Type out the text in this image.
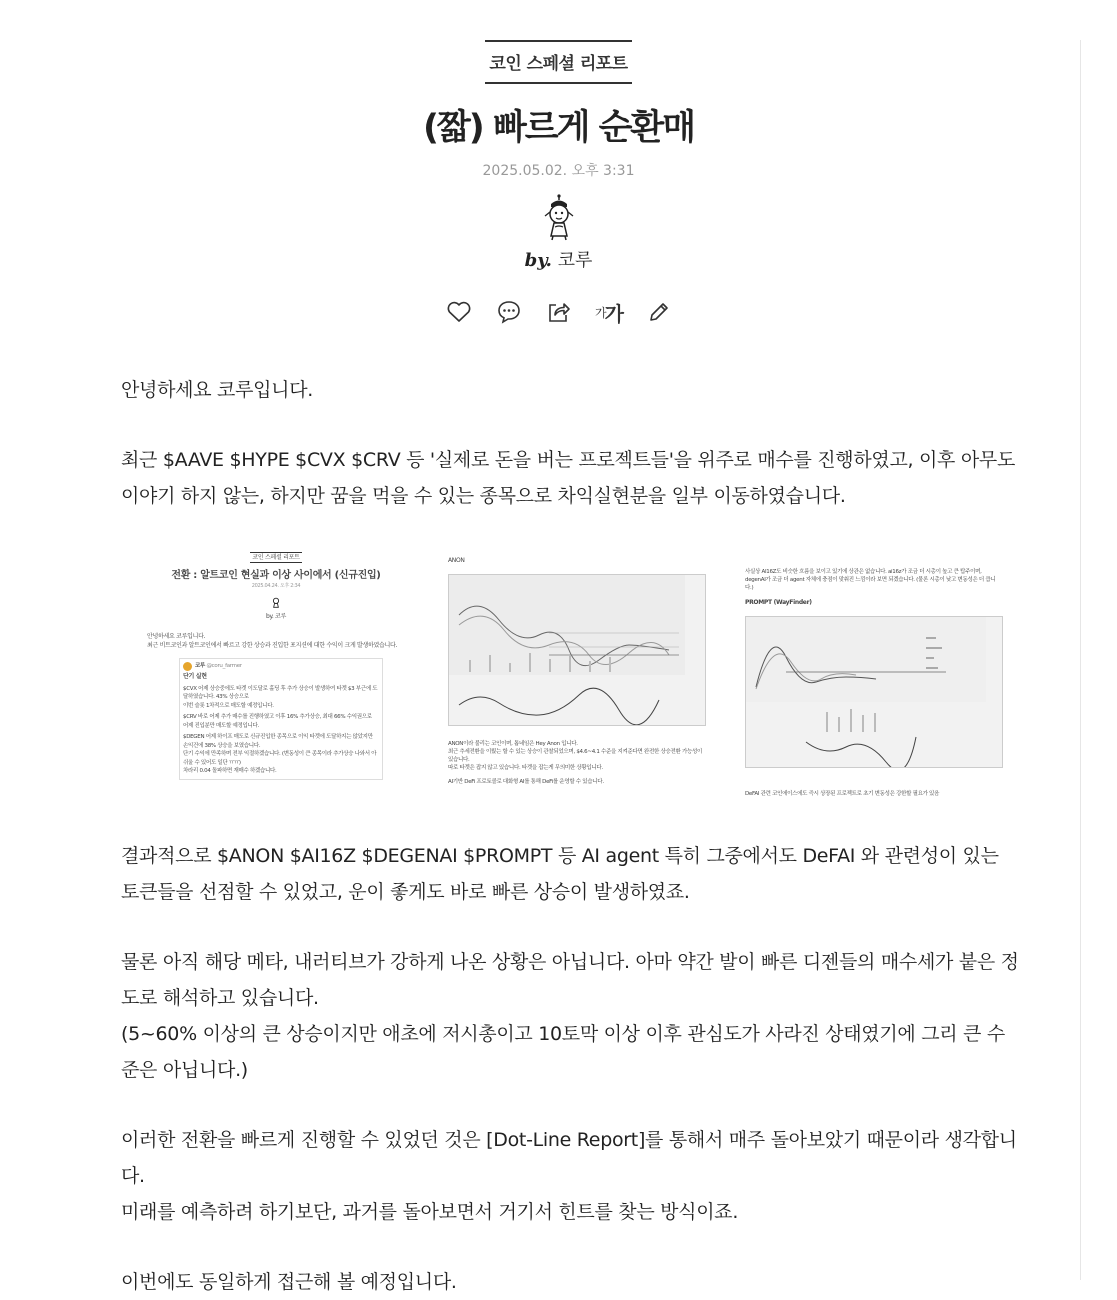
코인 스페셜 리포트
(짧) 빠르게 순환매
2025.05.02. 오후 3:31
by. 코루
가 가

안녕하세요 코루입니다.

최근 $AAVE $HYPE $CVX $CRV 등 '실제로 돈을 버는 프로젝트들'을 위주로 매수를 진행하였고, 이후 아무도 이야기 하지 않는, 하지만 꿈을 먹을 수 있는 종목으로 차익실현분을 일부 이동하였습니다.

코인 스페셜 리포트
전환 : 알트코인 현실과 이상 사이에서 (신규진입)
2025.04.24. 오후 2:34
by. 코루
안녕하세요 코루입니다.
최근 비트코인과 알트코인에서 빠르고 강한 상승과 진입한 포지션에 대한 수익이 크게 발생하였습니다.
코루 @coru_farmer
단기 실현
$CVX 어제 상승중에도 타겟 이도달로 홀딩 후 추가 상승이 발생하여 타겟 $3 부근에 도달하였습니다. 43% 상승으로
이번 슬롯 1차적으로 매도할 예정입니다.
$CRV 바로 어제 추가 매수를 진행하였고 이후 16% 추가상승, 최대 66% 수익권으로
어제 진입분만 매도할 예정입니다.
$DEGEN 어제 하이프 매도로 신규진입한 종목으로 이익 타겟에 도달하지는 않았지만
손익건에 38% 상승을 보였습니다.
단기 수익에 만족하며 전부 익절하겠습니다. (변동성이 큰 종목이라 추가상승 나와서 아
쉬울 수 있어도 일단 ㅠㅠ)
차라리 0.04 돌파하면 재매수 하겠습니다.
ANON
ANON이라 불리는 코인이며, 톱네임은 Hey Anon 입니다.
최근 추세전환을 이뤘는 할 수 있는 상승이 관찰되었으며, $4.6~4.1 수준을 지켜준다면 완전한 상승전환 가능성이 있습니다.
따로 타겟은 잡지 않고 있습니다. 타겟을 잡는게 무의미한 상황입니다.
AI기반 DeFi 프로토콜로 대화형 AI를 통해 DeFi를 운영할 수 있습니다.
사실상 AI16Z도 비슷한 흐름을 보이고 있기에 상관은 없습니다. ai16z가 조금 더 시총이 높고 큰 탑주이며, degenAI가 조금 더 agent 자체에 충점이 맞춰진 느낌이라 보면 되겠습니다. (물론 시총이 낮고 변동성은 더 큽니다.)
PROMPT (WayFinder)
DeFAI 관련 코인에이스에도 즉시 상장된 프로젝트로 초기 변동성은 강한할 필요가 있음

결과적으로 $ANON $AI16Z $DEGENAI $PROMPT 등 AI agent 특히 그중에서도 DeFAI 와 관련성이 있는 토큰들을 선점할 수 있었고, 운이 좋게도 바로 빠른 상승이 발생하였죠.

물론 아직 해당 메타, 내러티브가 강하게 나온 상황은 아닙니다. 아마 약간 발이 빠른 디젠들의 매수세가 붙은 정도로 해석하고 있습니다.

(5~60% 이상의 큰 상승이지만 애초에 저시총이고 10토막 이상 이후 관심도가 사라진 상태였기에 그리 큰 수준은 아닙니다.)

이러한 전환을 빠르게 진행할 수 있었던 것은 [Dot-Line Report]를 통해서 매주 돌아보았기 때문이라 생각합니다.

미래를 예측하려 하기보단, 과거를 돌아보면서 거기서 힌트를 찾는 방식이죠.

이번에도 동일하게 접근해 볼 예정입니다.
